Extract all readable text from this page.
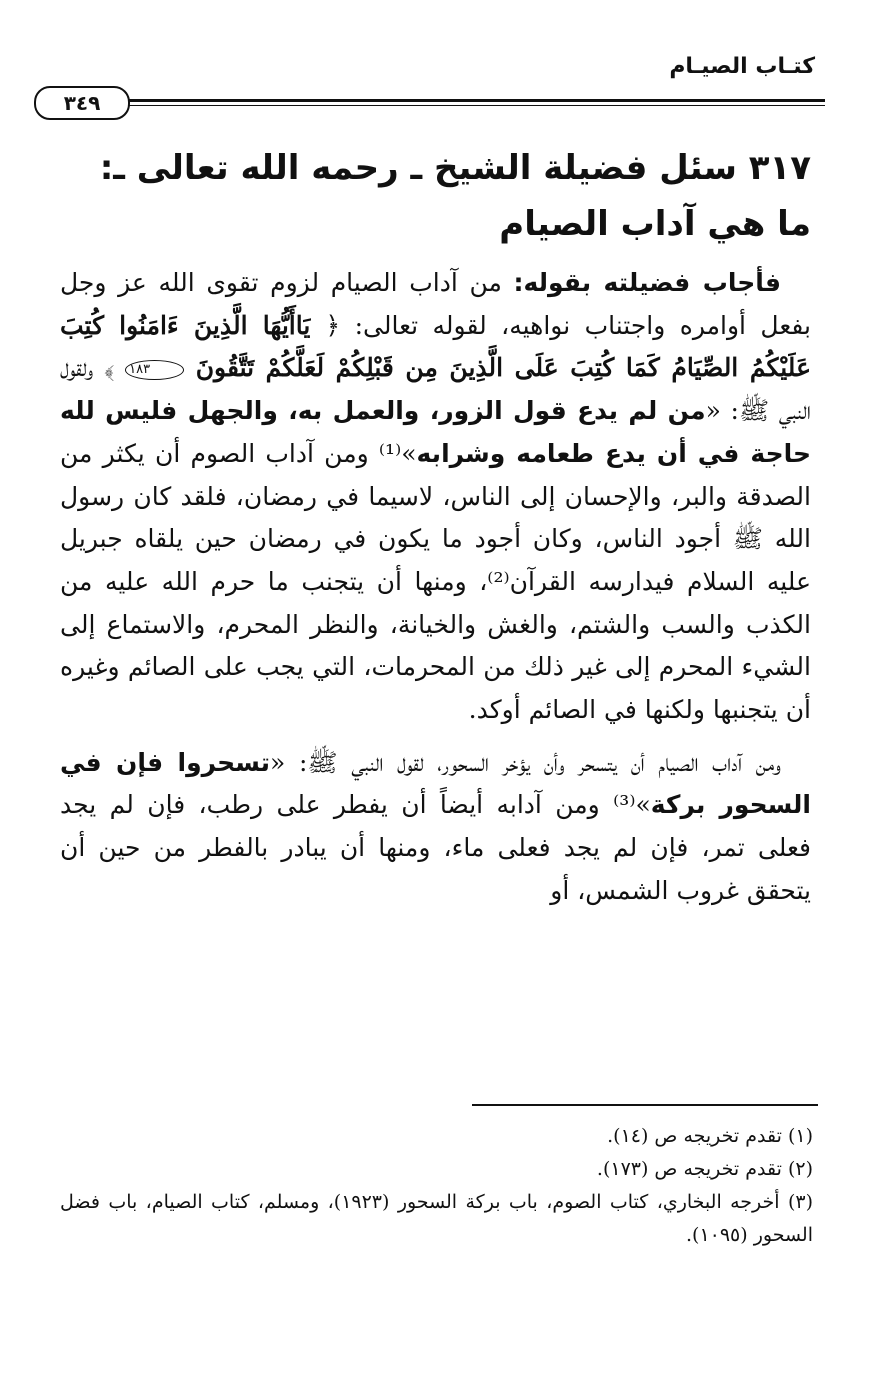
كتـاب الصيـام
٣٤٩
٣١٧ سئل فضيلة الشيخ ـ رحمه الله تعالى ـ: ما هي آداب الصيام

فأجاب فضيلته بقوله: من آداب الصيام لزوم تقوى الله عز وجل بفعل أوامره واجتناب نواهيه، لقوله تعالى: ﴿ يَاأَيُّهَا الَّذِينَ ءَامَنُوا كُتِبَ عَلَيْكُمُ الصِّيَامُ كَمَا كُتِبَ عَلَى الَّذِينَ مِن قَبْلِكُمْ لَعَلَّكُمْ تَتَّقُونَ ١٨٣ ﴾ ولقول النبي ﷺ: «من لم يدع قول الزور، والعمل به، والجهل فليس لله حاجة في أن يدع طعامه وشرابه»⁽¹⁾ ومن آداب الصوم أن يكثر من الصدقة والبر، والإحسان إلى الناس، لاسيما في رمضان، فلقد كان رسول الله ﷺ أجود الناس، وكان أجود ما يكون في رمضان حين يلقاه جبريل عليه السلام فيدارسه القرآن⁽²⁾، ومنها أن يتجنب ما حرم الله عليه من الكذب والسب والشتم، والغش والخيانة، والنظر المحرم، والاستماع إلى الشيء المحرم إلى غير ذلك من المحرمات، التي يجب على الصائم وغيره أن يتجنبها ولكنها في الصائم أوكد.

ومن آداب الصيام أن يتسحر وأن يؤخر السحور، لقول النبي ﷺ: «تسحروا فإن في السحور بركة»⁽³⁾ ومن آدابه أيضاً أن يفطر على رطب، فإن لم يجد فعلى تمر، فإن لم يجد فعلى ماء، ومنها أن يبادر بالفطر من حين أن يتحقق غروب الشمس، أو

(١) تقدم تخريجه ص (١٤).
(٢) تقدم تخريجه ص (١٧٣).
(٣) أخرجه البخاري، كتاب الصوم، باب بركة السحور (١٩٢٣)، ومسلم، كتاب الصيام، باب فضل السحور (١٠٩٥).
